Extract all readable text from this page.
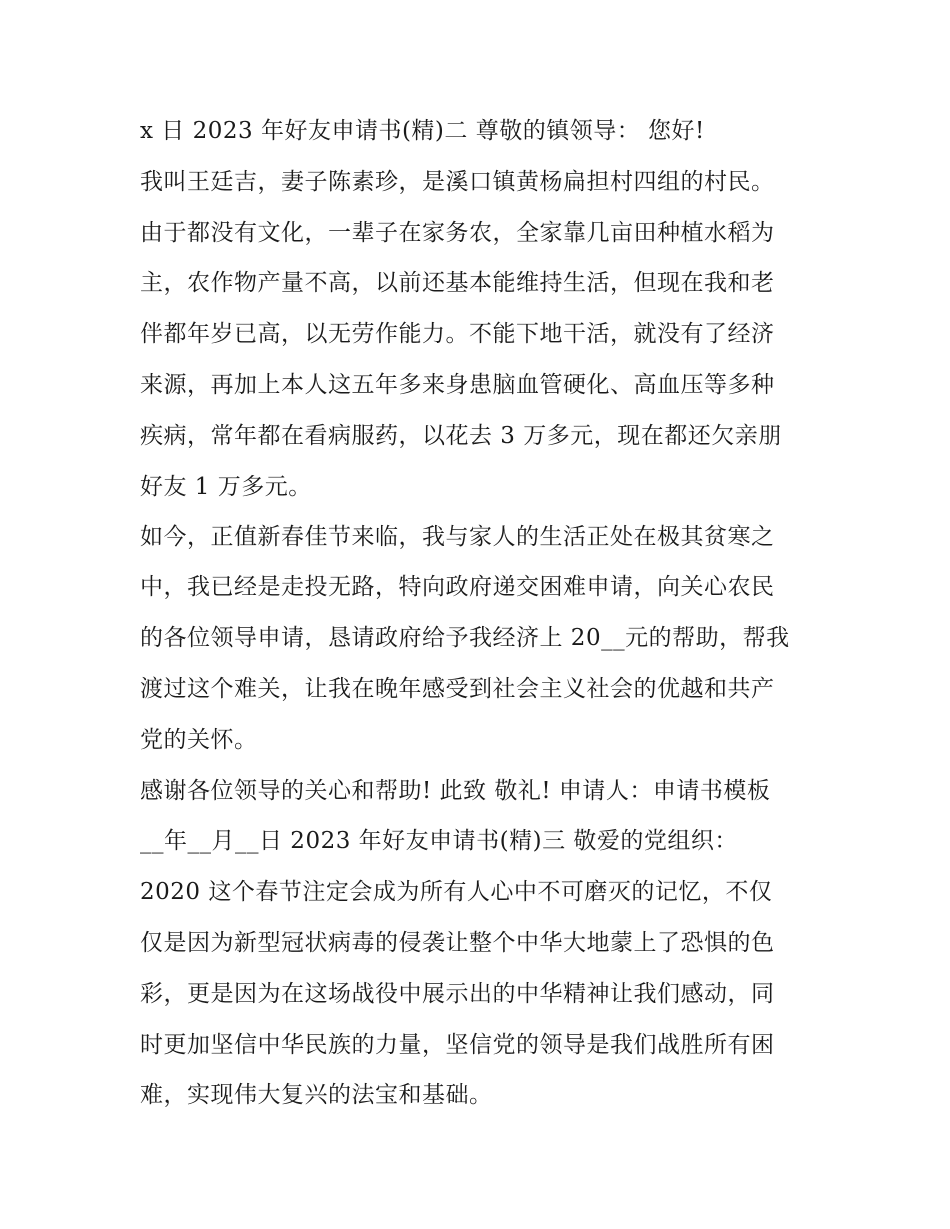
x 日 2023 年好友申请书(精)二 尊敬的镇领导： 您好!
我叫王廷吉，妻子陈素珍，是溪口镇黄杨扁担村四组的村民。
由于都没有文化，一辈子在家务农，全家靠几亩田种植水稻为
主，农作物产量不高，以前还基本能维持生活，但现在我和老
伴都年岁已高，以无劳作能力。不能下地干活，就没有了经济
来源，再加上本人这五年多来身患脑血管硬化、高血压等多种
疾病，常年都在看病服药，以花去 3 万多元，现在都还欠亲朋
好友 1 万多元。
如今，正值新春佳节来临，我与家人的生活正处在极其贫寒之
中，我已经是走投无路，特向政府递交困难申请，向关心农民
的各位领导申请，恳请政府给予我经济上 20__元的帮助，帮我
渡过这个难关，让我在晚年感受到社会主义社会的优越和共产
党的关怀。
感谢各位领导的关心和帮助! 此致 敬礼! 申请人：申请书模板
__年__月__日 2023 年好友申请书(精)三 敬爱的党组织：
2020 这个春节注定会成为所有人心中不可磨灭的记忆，不仅
仅是因为新型冠状病毒的侵袭让整个中华大地蒙上了恐惧的色
彩，更是因为在这场战役中展示出的中华精神让我们感动，同
时更加坚信中华民族的力量，坚信党的领导是我们战胜所有困
难，实现伟大复兴的法宝和基础。
